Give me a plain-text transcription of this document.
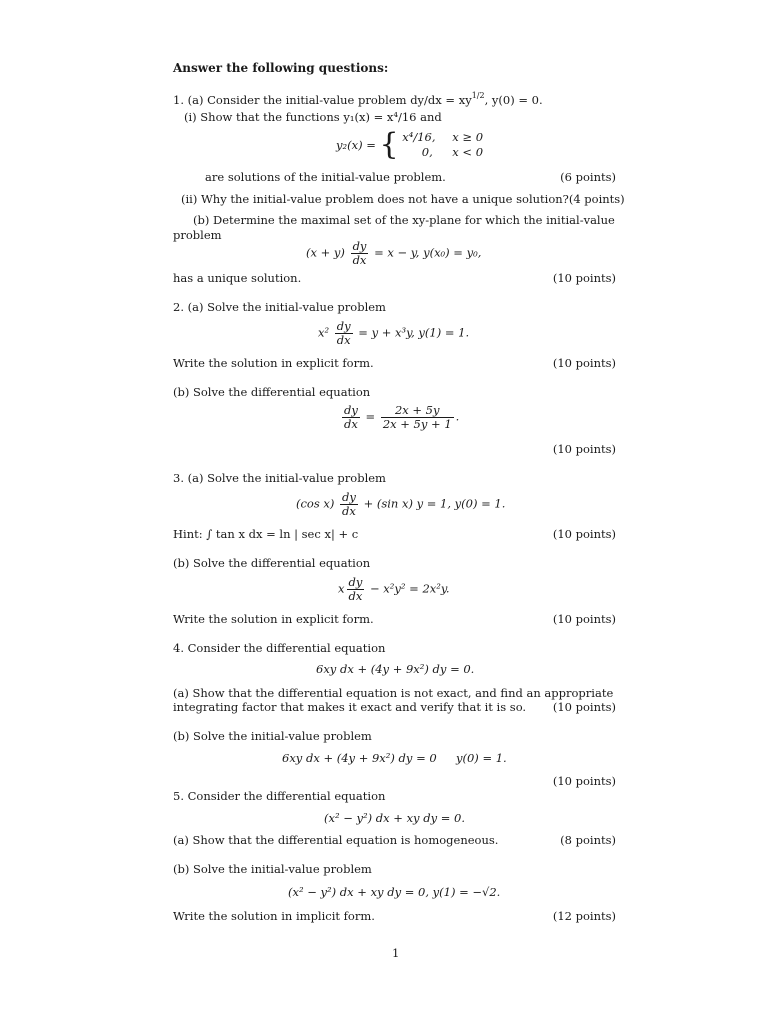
Answer the following questions:
1. (a) Consider the initial-value problem $dy/dx = xy^{1/2}$, y(0) = 0.
(i) Show that the functions y₁(x) = x⁴/16 and
y₂(x) = { x⁴/16, x ≥ 0
0, x < 0
are solutions of the initial-value problem.	(6 points)
(ii) Why the initial-value problem does not have a unique solution?(4 points)
(b) Determine the maximal set of the xy-plane for which the initial-value
problem
$(x + y) \frac{dy}{dx} = x - y$, y(x₀) = y₀,
has a unique solution.	(10 points)
2. (a) Solve the initial-value problem
$x^2 \frac{dy}{dx} = y + x^3y$, y(1) = 1.
Write the solution in explicit form.	(10 points)
(b) Solve the differential equation
$\frac{dy}{dx} = \frac{2x + 5y}{2x + 5y + 1}$ .
(10 points)
3. (a) Solve the initial-value problem
(cos $x) \frac{dy}{dx} + (\sin$ x) y = 1, y(0) = 1.
Hint: ∫ tan x dx = ln | sec x| + c	(10 points)
(b) Solve the differential equation
x $\frac{dy}{dx} - x^2y^2 = 2x^2y$.
Write the solution in explicit form.	(10 points)
4. Consider the differential equation
6xy dx + (4y + 9x²) dy = 0.
(a) Show that the differential equation is not exact, and find an appropriate
integrating factor that makes it exact and verify that it is so. (10 points)
(b) Solve the initial-value problem
6xy dx + (4y + 9x²) dy = 0 y(0) = 1.
(10 points)
5. Consider the differential equation
(x² − y²) dx + xy dy = 0.
(a) Show that the differential equation is homogeneous.	(8 points)
(b) Solve the initial-value problem
(x² − y²) dx + xy dy = 0, y(1) = −√2.
Write the solution in implicit form.	(12 points)
1
